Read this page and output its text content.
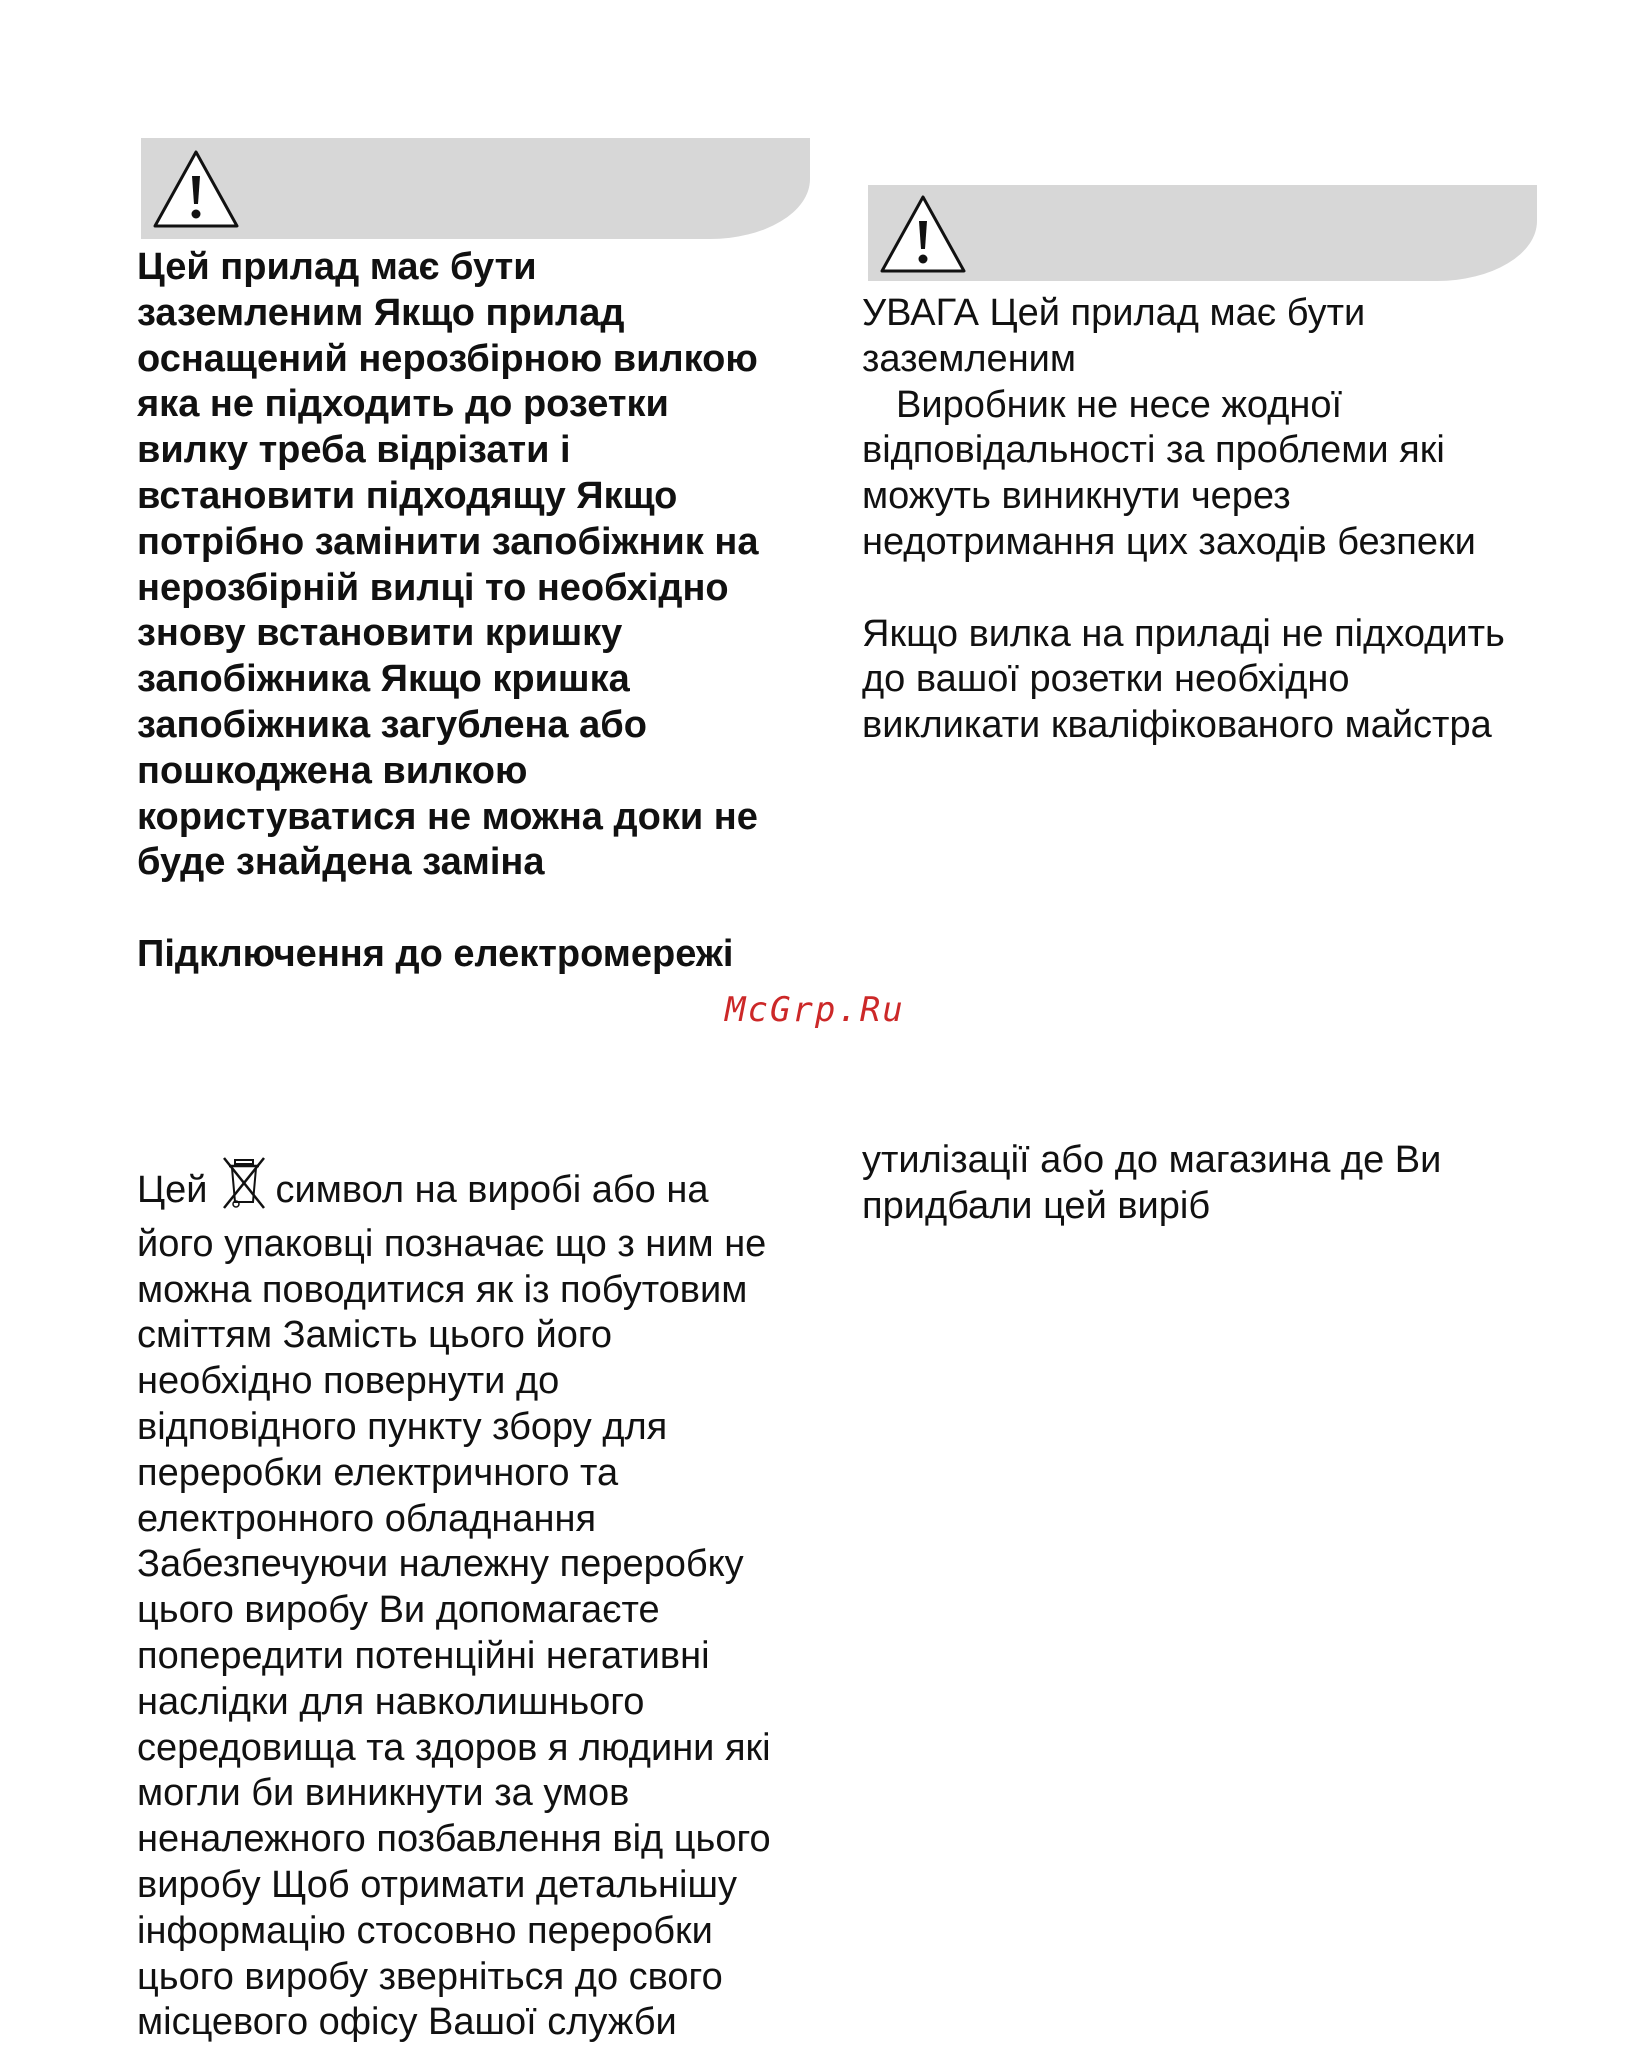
Цей прилад має бути

заземленим Якщо прилад

оснащений нерозбірною вилкою

яка не підходить до розетки

вилку треба відрізати і

встановити підходящу Якщо

потрібно замінити запобіжник на

нерозбірній вилці то необхідно

знову встановити кришку

запобіжника Якщо кришка

запобіжника загублена або

пошкоджена вилкою

користуватися не можна доки не

буде знайдена заміна

Підключення до електромережі

УВАГА Цей прилад має бути

заземленим

Виробник не несе жодної

відповідальності за проблеми які

можуть виникнути через

недотримання цих заходів безпеки

Якщо вилка на приладі не підходить

до вашої розетки необхідно

викликати кваліфікованого майстра

McGrp.Ru

Цей символ на виробі або на

його упаковці позначає що з ним не

можна поводитися як із побутовим

сміттям Замість цього його

необхідно повернути до

відповідного пункту збору для

переробки електричного та

електронного обладнання

Забезпечуючи належну переробку

цього виробу Ви допомагаєте

попередити потенційні негативні

наслідки для навколишнього

середовища та здоров я людини які

могли би виникнути за умов

неналежного позбавлення від цього

виробу Щоб отримати детальнішу

інформацію стосовно переробки

цього виробу зверніться до свого

місцевого офісу Вашої служби

утилізації або до магазина де Ви

придбали цей виріб
